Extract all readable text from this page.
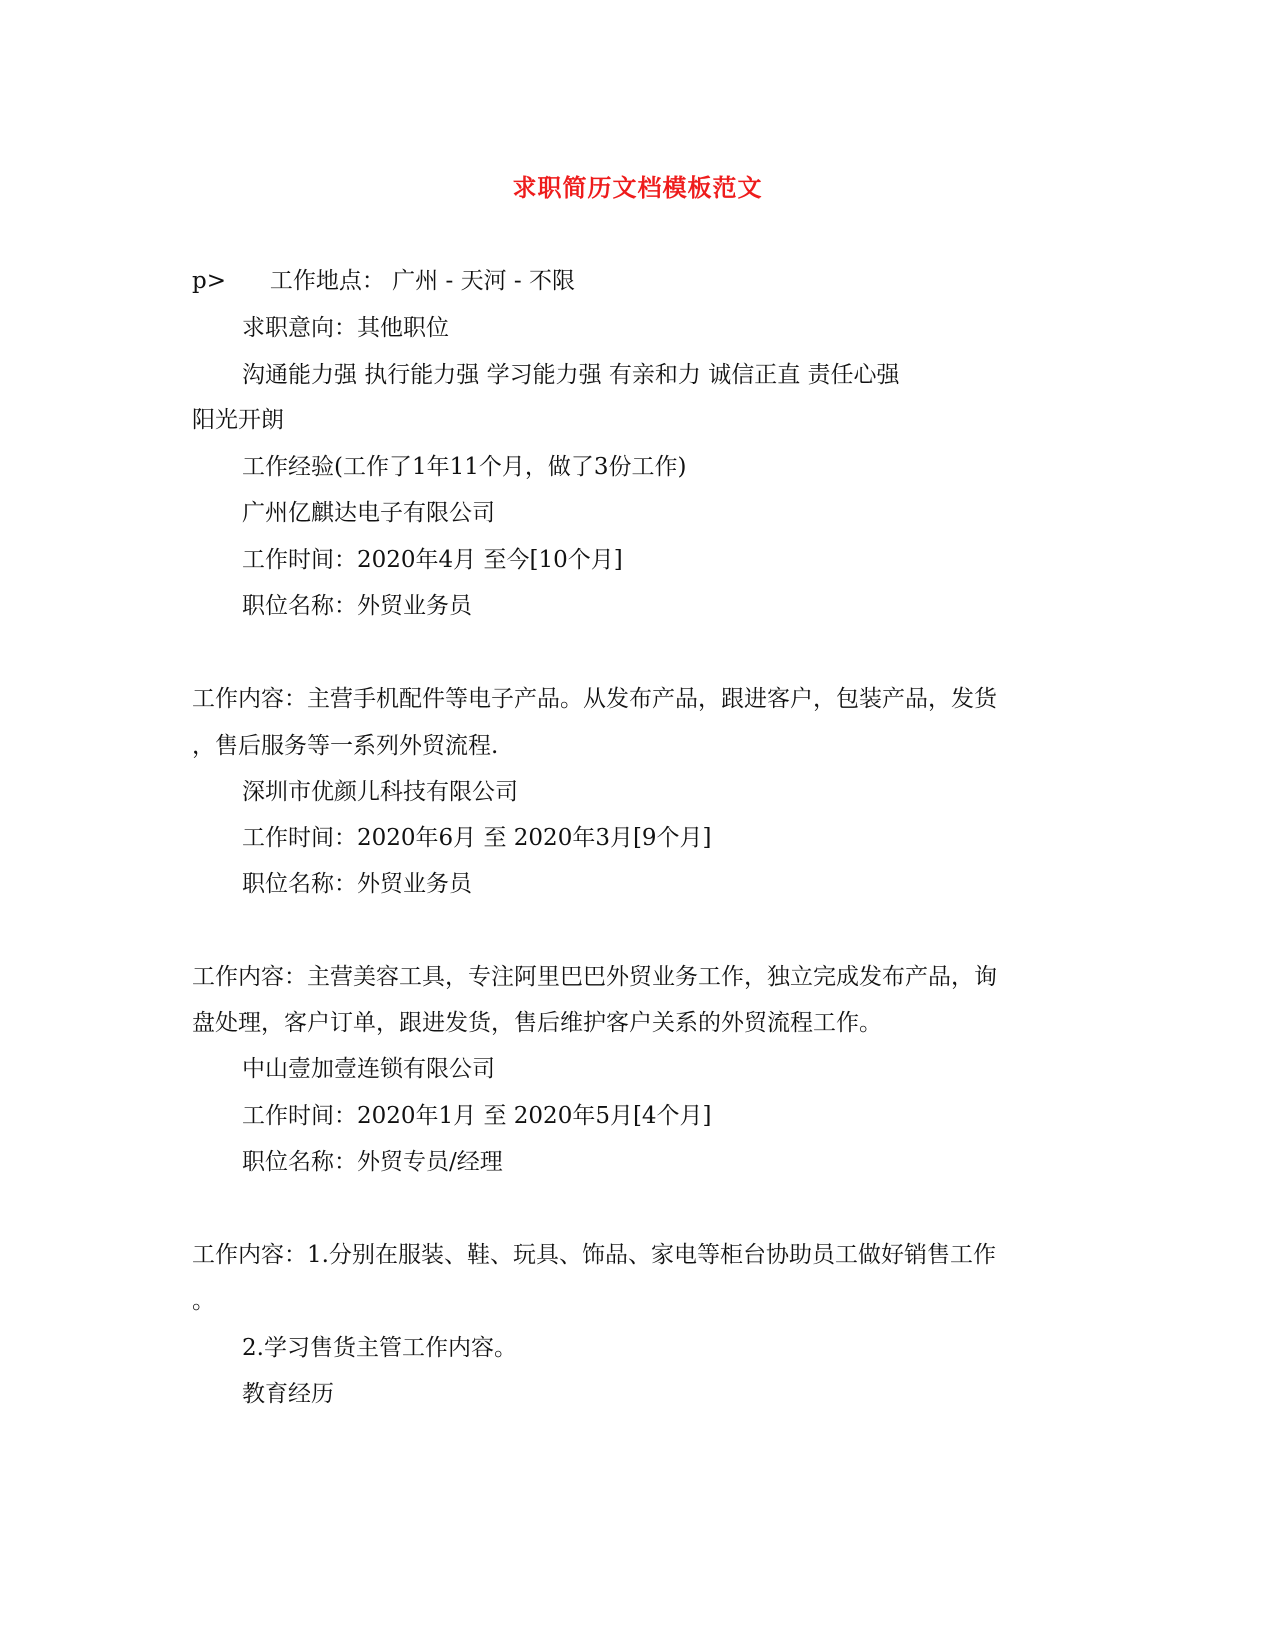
求职简历文档模板范文
p>      工作地点： 广州 - 天河 - 不限
求职意向：其他职位
沟通能力强 执行能力强 学习能力强 有亲和力 诚信正直 责任心强
阳光开朗
工作经验(工作了1年11个月，做了3份工作)
广州亿麒达电子有限公司
工作时间：2020年4月 至今[10个月]
职位名称：外贸业务员
工作内容：主营手机配件等电子产品。从发布产品，跟进客户，包装产品，发货
，售后服务等一系列外贸流程.
深圳市优颜儿科技有限公司
工作时间：2020年6月 至 2020年3月[9个月]
职位名称：外贸业务员
工作内容：主营美容工具，专注阿里巴巴外贸业务工作，独立完成发布产品，询
盘处理，客户订单，跟进发货，售后维护客户关系的外贸流程工作。
中山壹加壹连锁有限公司
工作时间：2020年1月 至 2020年5月[4个月]
职位名称：外贸专员/经理
工作内容：1.分别在服装、鞋、玩具、饰品、家电等柜台协助员工做好销售工作
。
2.学习售货主管工作内容。
教育经历
